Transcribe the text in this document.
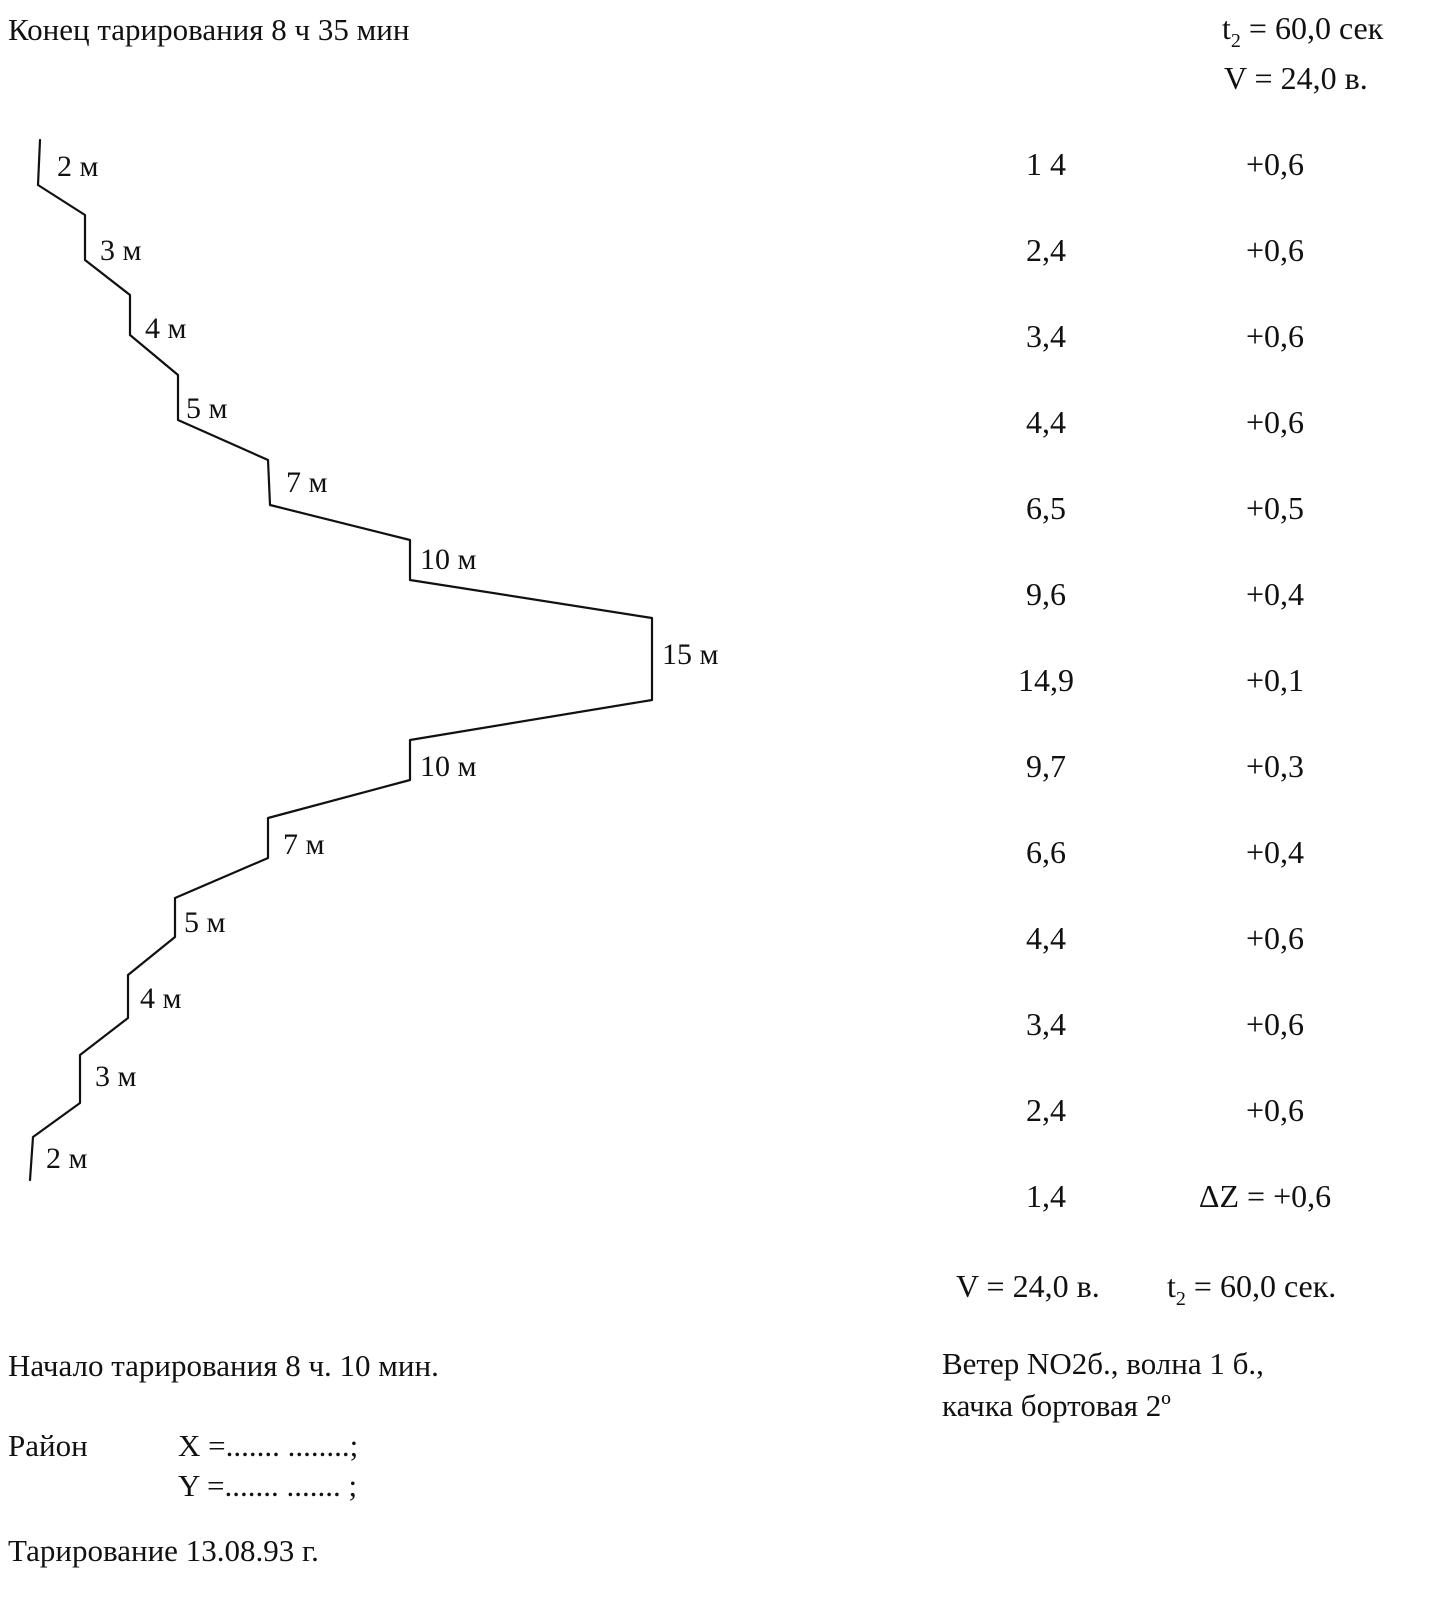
Конец тарирования 8 ч 35 мин	$t_2 = 60,0$ сек
V = 24,0 в.
2 м
3 м
4 м
5 м
7 м
10 м
15 м
10 м
7 м
5 м
4 м
3 м
2 м
1 4	+0,6
2,4	+0,6
3,4	+0,6
4,4	+0,6
6,5	+0,5
9,6	+0,4
14,9	+0,1
9,7	+0,3
6,6	+0,4
4,4	+0,6
3,4	+0,6
2,4	+0,6
1,4	ΔZ = +0,6
V = 24,0 в. $t_2 = 60,0$ сек.
Ветер NO2б., волна 1 б.,
качка бортовая 2º
Начало тарирования 8 ч. 10 мин.
Район	X =....... ........;
Y =....... ....... ;
Тарирование 13.08.93 г.
